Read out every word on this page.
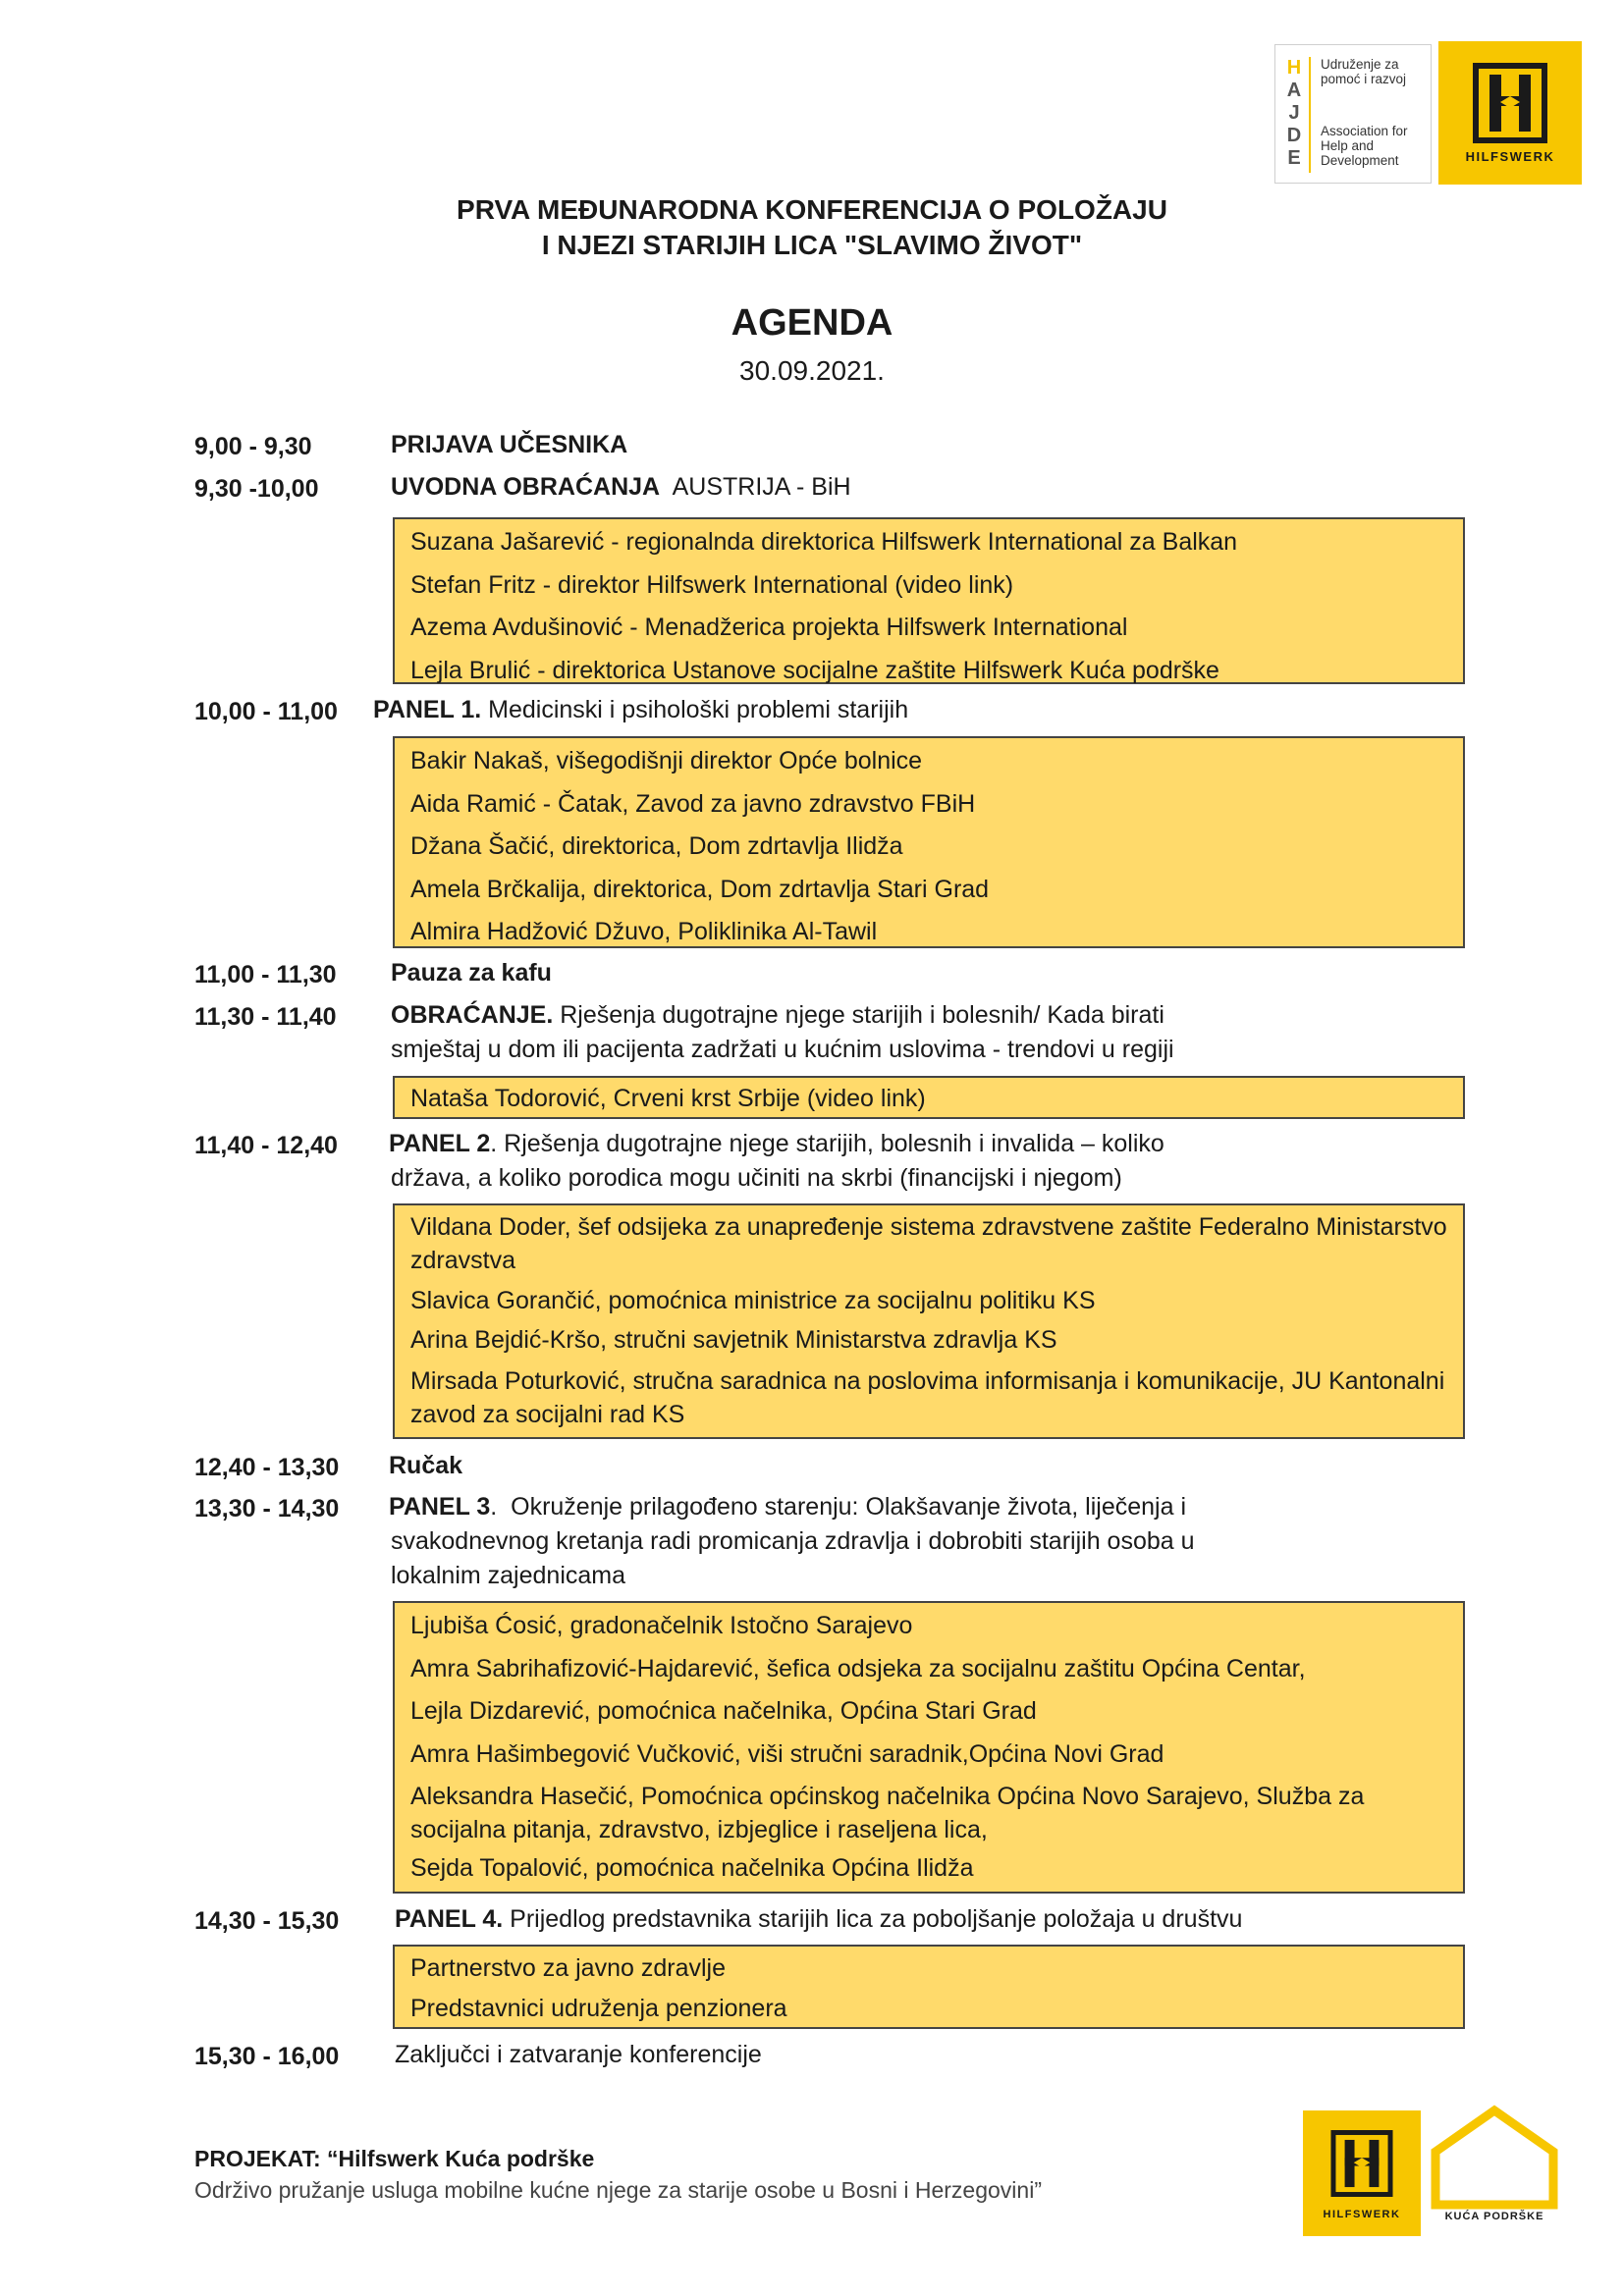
H
A
J
D
E
Udruženje za pomoć i razvoj
Association for Help and Development	HILFSWERK
PRVA MEĐUNARODNA KONFERENCIJA O POLOŽAJU
I NJEZI STARIJIH LICA "SLAVIMO ŽIVOT"
AGENDA
30.09.2021.
9,00 - 9,30	PRIJAVA UČESNIKA
9,30 -10,00	UVODNA OBRAĆANJA  AUSTRIJA - BiH
Suzana Jašarević - regionalnda direktorica Hilfswerk International za Balkan
Stefan Fritz - direktor Hilfswerk International (video link)
Azema Avdušinović - Menadžerica projekta Hilfswerk International
Lejla Brulić - direktorica Ustanove socijalne zaštite Hilfswerk Kuća podrške
10,00 - 11,00 PANEL 1. Medicinski i psihološki problemi starijih
Bakir Nakaš, višegodišnji direktor Opće bolnice
Aida Ramić - Čatak, Zavod za javno zdravstvo FBiH
Džana Šačić, direktorica, Dom zdrtavlja Ilidža
Amela Brčkalija, direktorica, Dom zdrtavlja Stari Grad
Almira Hadžović Džuvo, Poliklinika Al-Tawil
11,00 - 11,30 Pauza za kafu
11,30 - 11,40 OBRAĆANJE. Rješenja dugotrajne njege starijih i bolesnih/ Kada birati
smještaj u dom ili pacijenta zadržati u kućnim uslovima - trendovi u regiji
Nataša Todorović, Crveni krst Srbije (video link)
11,40 - 12,40 PANEL 2. Rješenja dugotrajne njege starijih, bolesnih i invalida – koliko
država, a koliko porodica mogu učiniti na skrbi (financijski i njegom)
Vildana Doder, šef odsijeka za unapređenje sistema zdravstvene zaštite Federalno Ministarstvo zdravstva
Slavica Gorančić, pomoćnica ministrice za socijalnu politiku KS
Arina Bejdić-Kršo, stručni savjetnik Ministarstva zdravlja KS
Mirsada Poturković, stručna saradnica na poslovima informisanja i komunikacije, JU Kantonalni zavod za socijalni rad KS
12,40 - 13,30 Ručak
13,30 - 14,30 PANEL 3.  Okruženje prilagođeno starenju: Olakšavanje života, liječenja i
svakodnevnog kretanja radi promicanja zdravlja i dobrobiti starijih osoba u
lokalnim zajednicama
Ljubiša Ćosić, gradonačelnik Istočno Sarajevo
Amra Sabrihafizović-Hajdarević, šefica odsjeka za socijalnu zaštitu Općina Centar,
Lejla Dizdarević, pomoćnica načelnika, Općina Stari Grad
Amra Hašimbegović Vučković, viši stručni saradnik,Općina Novi Grad
Aleksandra Hasečić, Pomoćnica općinskog načelnika Općina Novo Sarajevo, Služba za socijalna pitanja, zdravstvo, izbjeglice i raseljena lica,
Sejda Topalović, pomoćnica načelnika Općina Ilidža
14,30 - 15,30 PANEL 4. Prijedlog predstavnika starijih lica za poboljšanje položaja u društvu
Partnerstvo za javno zdravlje
Predstavnici udruženja penzionera
15,30 - 16,00 Zaključci i zatvaranje konferencije
PROJEKAT: “Hilfswerk Kuća podrške
Održivo pružanje usluga mobilne kućne njege za starije osobe u Bosni i Herzegovini”
HILFSWERK	KUĆA PODRŠKE
